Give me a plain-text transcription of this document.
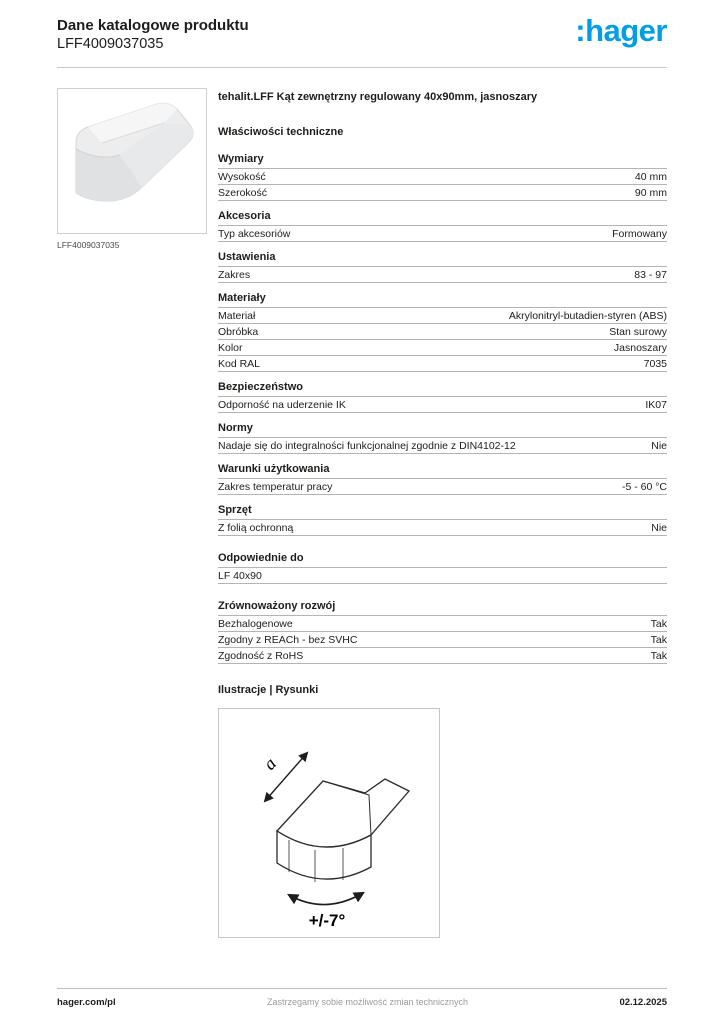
Dane katalogowe produktu
LFF4009037035	:hager
LFF4009037035
tehalit.LFF Kąt zewnętrzny regulowany 40x90mm, jasnoszary
Właściwości techniczne
Wymiary
Wysokość	40 mm
Szerokość	90 mm
Akcesoria
Typ akcesoriów	Formowany
Ustawienia
Zakres	83 - 97
Materiały
Materiał	Akrylonitryl-butadien-styren (ABS)
Obróbka	Stan surowy
Kolor	Jasnoszary
Kod RAL	7035
Bezpieczeństwo
Odporność na uderzenie IK	IK07
Normy
Nadaje się do integralności funkcjonalnej zgodnie z DIN4102-12	Nie
Warunki użytkowania
Zakres temperatur pracy	-5 - 60 °C
Sprzęt
Z folią ochronną	Nie
Odpowiednie do
LF 40x90
Zrównoważony rozwój
Bezhalogenowe	Tak
Zgodny z REACh - bez SVHC	Tak
Zgodność z RoHS	Tak
Ilustracje | Rysunki
a
+/-7°
hager.com/pl	Zastrzegamy sobie możliwość zmian technicznych	02.12.2025
